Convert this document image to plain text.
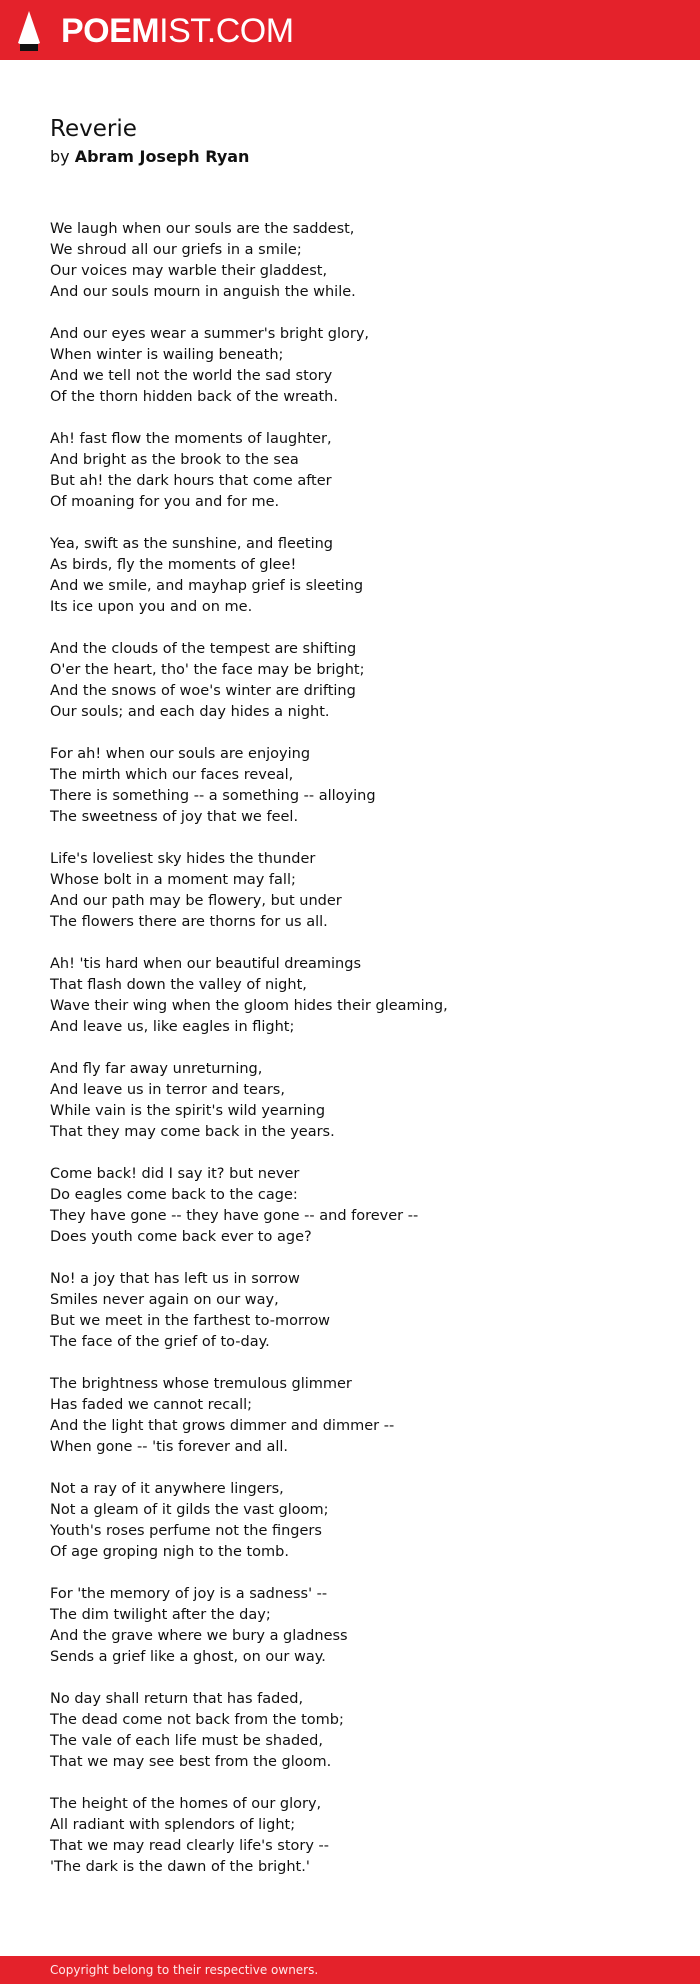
POEMIST.COM
Reverie
by Abram Joseph Ryan
We laugh when our souls are the saddest,
We shroud all our griefs in a smile;
Our voices may warble their gladdest,
And our souls mourn in anguish the while.
And our eyes wear a summer's bright glory,
When winter is wailing beneath;
And we tell not the world the sad story
Of the thorn hidden back of the wreath.
Ah! fast flow the moments of laughter,
And bright as the brook to the sea
But ah! the dark hours that come after
Of moaning for you and for me.
Yea, swift as the sunshine, and fleeting
As birds, fly the moments of glee!
And we smile, and mayhap grief is sleeting
Its ice upon you and on me.
And the clouds of the tempest are shifting
O'er the heart, tho' the face may be bright;
And the snows of woe's winter are drifting
Our souls; and each day hides a night.
For ah! when our souls are enjoying
The mirth which our faces reveal,
There is something -- a something -- alloying
The sweetness of joy that we feel.
Life's loveliest sky hides the thunder
Whose bolt in a moment may fall;
And our path may be flowery, but under
The flowers there are thorns for us all.
Ah! 'tis hard when our beautiful dreamings
That flash down the valley of night,
Wave their wing when the gloom hides their gleaming,
And leave us, like eagles in flight;
And fly far away unreturning,
And leave us in terror and tears,
While vain is the spirit's wild yearning
That they may come back in the years.
Come back! did I say it? but never
Do eagles come back to the cage:
They have gone -- they have gone -- and forever --
Does youth come back ever to age?
No! a joy that has left us in sorrow
Smiles never again on our way,
But we meet in the farthest to-morrow
The face of the grief of to-day.
The brightness whose tremulous glimmer
Has faded we cannot recall;
And the light that grows dimmer and dimmer --
When gone -- 'tis forever and all.
Not a ray of it anywhere lingers,
Not a gleam of it gilds the vast gloom;
Youth's roses perfume not the fingers
Of age groping nigh to the tomb.
For 'the memory of joy is a sadness' --
The dim twilight after the day;
And the grave where we bury a gladness
Sends a grief like a ghost, on our way.
No day shall return that has faded,
The dead come not back from the tomb;
The vale of each life must be shaded,
That we may see best from the gloom.
The height of the homes of our glory,
All radiant with splendors of light;
That we may read clearly life's story --
'The dark is the dawn of the bright.'
Copyright belong to their respective owners.
